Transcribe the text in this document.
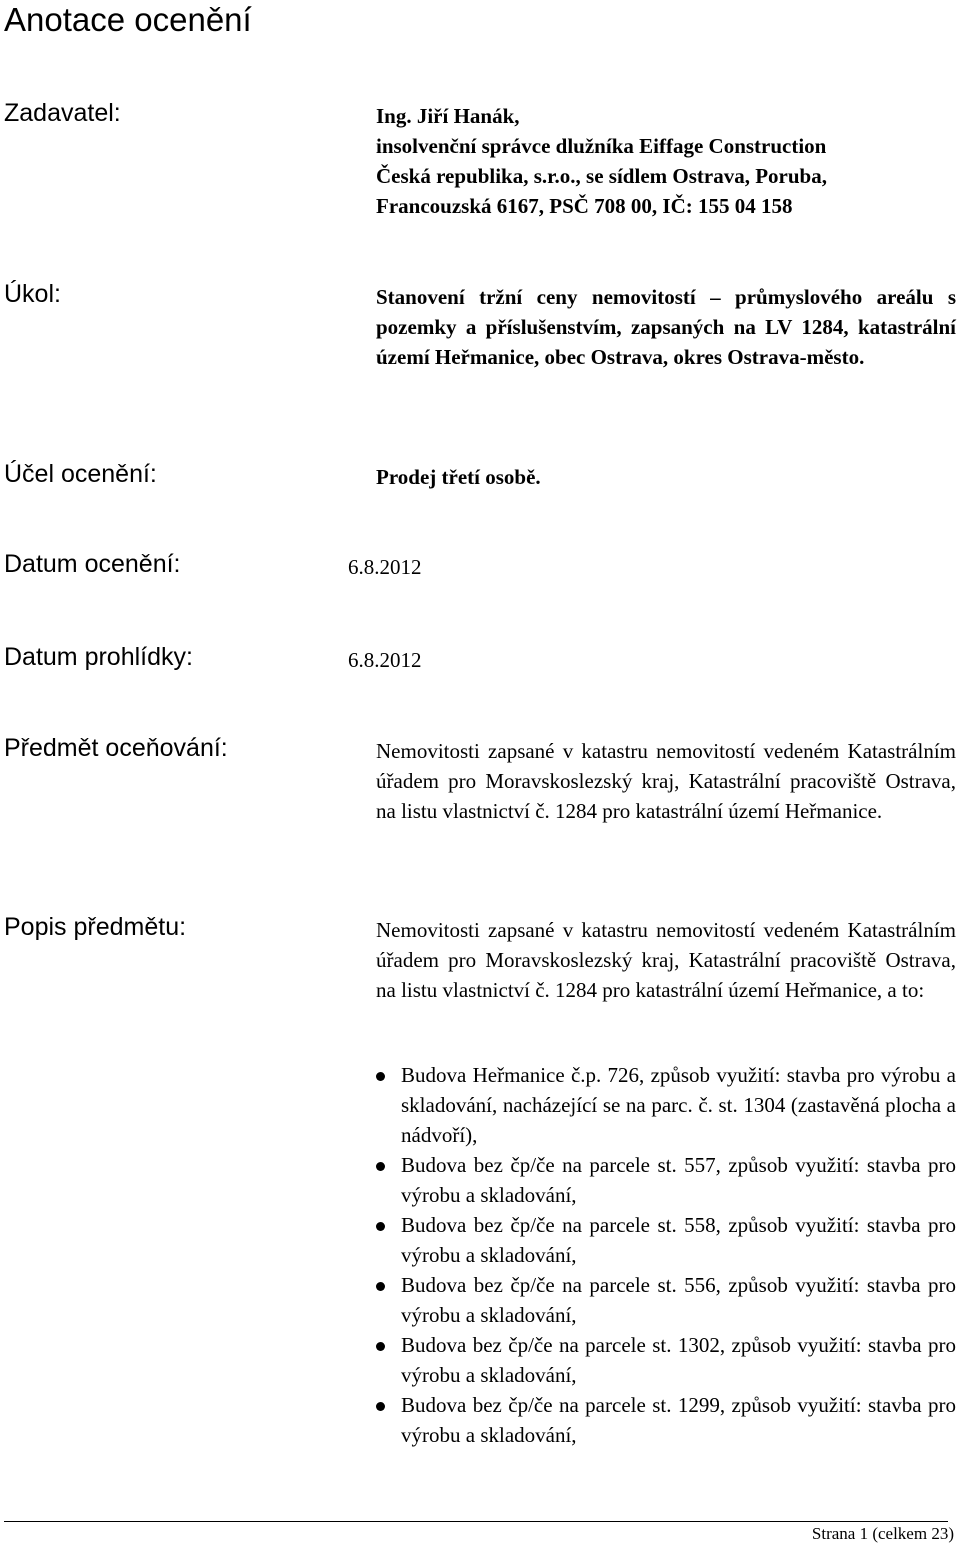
Anotace ocenění
Zadavatel:	Ing. Jiří Hanák,
insolvenční správce dlužníka Eiffage Construction
Česká republika, s.r.o., se sídlem Ostrava, Poruba,
Francouzská 6167, PSČ 708 00, IČ: 155 04 158
Úkol:	Stanovení tržní ceny nemovitostí – průmyslového areálu s pozemky a příslušenstvím, zapsaných na LV 1284, katastrální území Heřmanice, obec Ostrava, okres Ostrava-město.
Účel ocenění:	Prodej třetí osobě.
Datum ocenění:	6.8.2012
Datum prohlídky:	6.8.2012
Předmět oceňování:	Nemovitosti zapsané v katastru nemovitostí vedeném Katastrálním úřadem pro Moravskoslezský kraj, Katastrální pracoviště Ostrava, na listu vlastnictví č. 1284 pro katastrální území Heřmanice.
Popis předmětu:	Nemovitosti zapsané v katastru nemovitostí vedeném Katastrálním úřadem pro Moravskoslezský kraj, Katastrální pracoviště Ostrava, na listu vlastnictví č. 1284 pro katastrální území Heřmanice, a to:
Budova Heřmanice č.p. 726, způsob využití: stavba pro výrobu a skladování, nacházející se na parc. č. st. 1304 (zastavěná plocha a nádvoří),
Budova bez čp/če na parcele st. 557, způsob využití: stavba pro výrobu a skladování,
Budova bez čp/če na parcele st. 558, způsob využití: stavba pro výrobu a skladování,
Budova bez čp/če na parcele st. 556, způsob využití: stavba pro výrobu a skladování,
Budova bez čp/če na parcele st. 1302, způsob využití: stavba pro výrobu a skladování,
Budova bez čp/če na parcele st. 1299, způsob využití: stavba pro výrobu a skladování,
Strana 1 (celkem 23)
